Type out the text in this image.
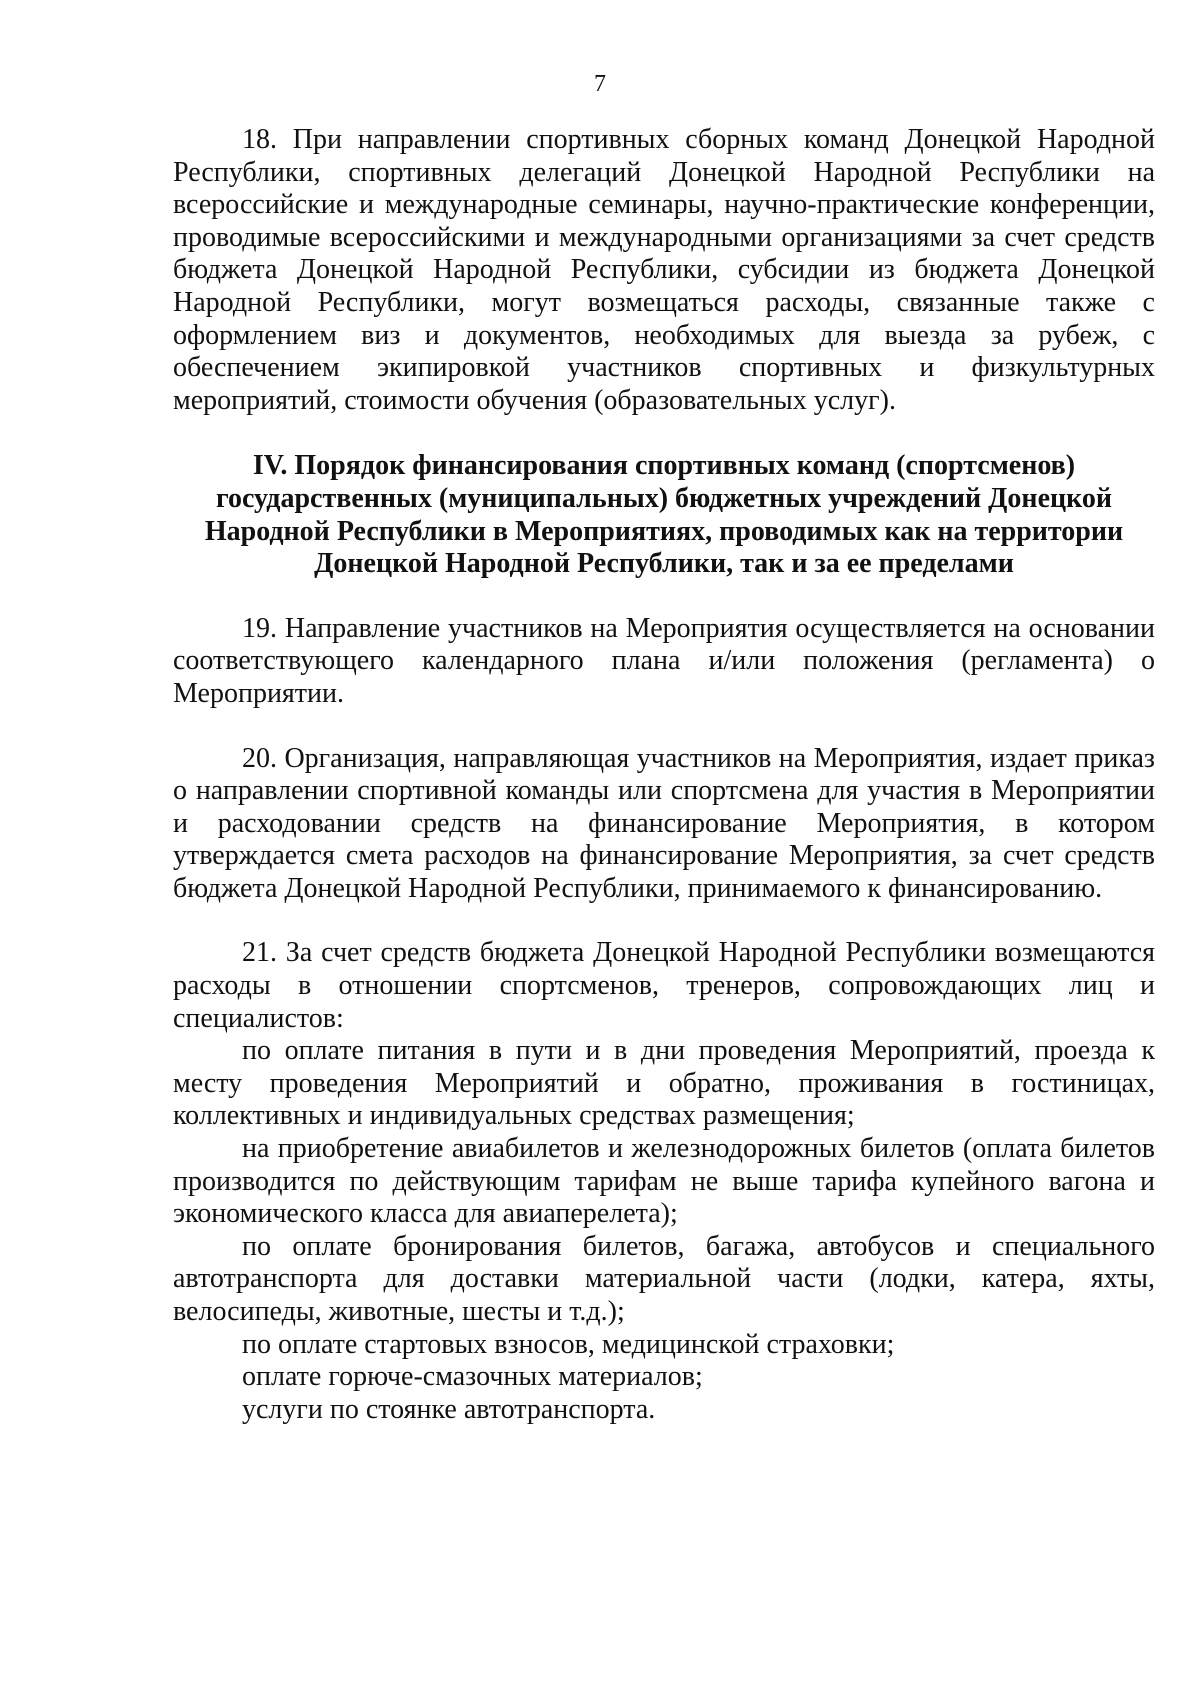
7

18. При направлении спортивных сборных команд Донецкой Народной Республики, спортивных делегаций Донецкой Народной Республики на всероссийские и международные семинары, научно-практические конференции, проводимые всероссийскими и международными организациями за счет средств бюджета Донецкой Народной Республики, субсидии из бюджета Донецкой Народной Республики, могут возмещаться расходы, связанные также с оформлением виз и документов, необходимых для выезда за рубеж, с обеспечением экипировкой участников спортивных и физкультурных мероприятий, стоимости обучения (образовательных услуг).

IV. Порядок финансирования спортивных команд (спортсменов) государственных (муниципальных) бюджетных учреждений Донецкой Народной Республики в Мероприятиях, проводимых как на территории Донецкой Народной Республики, так и за ее пределами

19. Направление участников на Мероприятия осуществляется на основании соответствующего календарного плана и/или положения (регламента) о Мероприятии.

20. Организация, направляющая участников на Мероприятия, издает приказ о направлении спортивной команды или спортсмена для участия в Мероприятии и расходовании средств на финансирование Мероприятия, в котором утверждается смета расходов на финансирование Мероприятия, за счет средств бюджета Донецкой Народной Республики, принимаемого к финансированию.

21. За счет средств бюджета Донецкой Народной Республики возмещаются расходы в отношении спортсменов, тренеров, сопровождающих лиц и специалистов:

по оплате питания в пути и в дни проведения Мероприятий, проезда к месту проведения Мероприятий и обратно, проживания в гостиницах, коллективных и индивидуальных средствах размещения;

на приобретение авиабилетов и железнодорожных билетов (оплата билетов производится по действующим тарифам не выше тарифа купейного вагона и экономического класса для авиаперелета);

по оплате бронирования билетов, багажа, автобусов и специального автотранспорта для доставки материальной части (лодки, катера, яхты, велосипеды, животные, шесты и т.д.);

по оплате стартовых взносов, медицинской страховки;

оплате горюче-смазочных материалов;

услуги по стоянке автотранспорта.
